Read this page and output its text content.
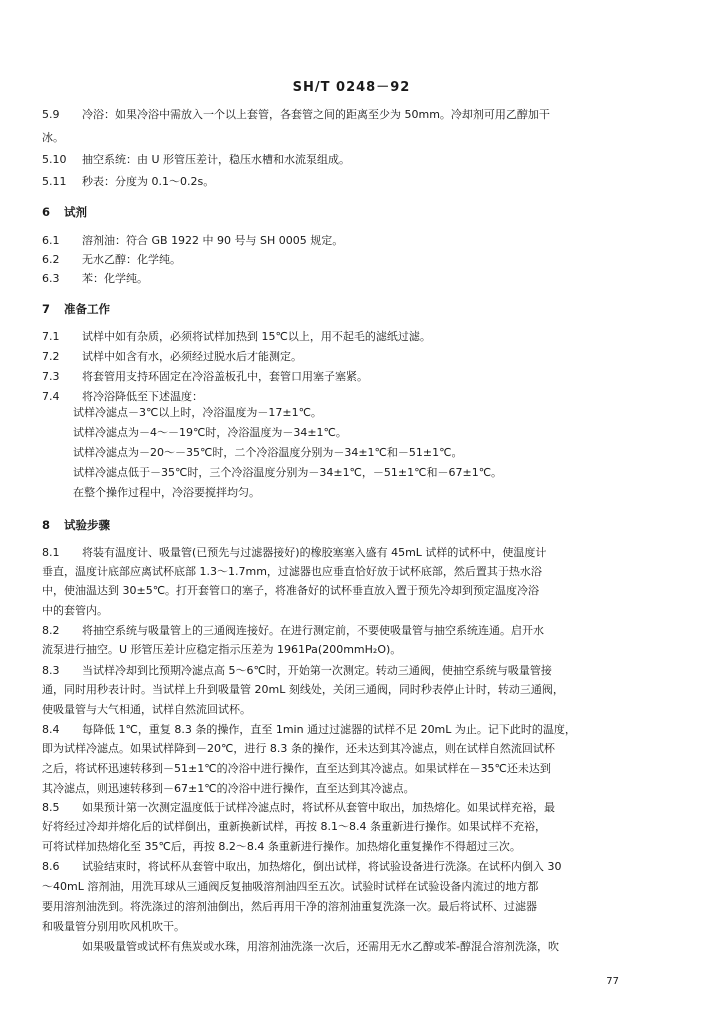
SH/T 0248－92
5.9 冷浴：如果冷浴中需放入一个以上套管，各套管之间的距离至少为 50mm。冷却剂可用乙醇加干
冰。
5.10 抽空系统：由 U 形管压差计，稳压水槽和水流泵组成。
5.11 秒表：分度为 0.1～0.2s。
6 试剂
6.1 溶剂油：符合 GB 1922 中 90 号与 SH 0005 规定。
6.2 无水乙醇：化学纯。
6.3 苯：化学纯。
7 准备工作
7.1 试样中如有杂质，必须将试样加热到 15℃以上，用不起毛的滤纸过滤。
7.2 试样中如含有水，必须经过脱水后才能测定。
7.3 将套管用支持环固定在冷浴盖板孔中，套管口用塞子塞紧。
7.4 将冷浴降低至下述温度：
试样冷滤点－3℃以上时，冷浴温度为－17±1℃。
试样冷滤点为－4～－19℃时，冷浴温度为－34±1℃。
试样冷滤点为－20～－35℃时，二个冷浴温度分别为－34±1℃和－51±1℃。
试样冷滤点低于－35℃时，三个冷浴温度分别为－34±1℃，－51±1℃和－67±1℃。
在整个操作过程中，冷浴要搅拌均匀。
8 试验步骤
8.1 将装有温度计、吸量管(已预先与过滤器接好)的橡胶塞塞入盛有 45mL 试样的试杯中，使温度计
垂直，温度计底部应离试杯底部 1.3～1.7mm，过滤器也应垂直恰好放于试杯底部，然后置其于热水浴
中，使油温达到 30±5℃。打开套管口的塞子，将准备好的试杯垂直放入置于预先冷却到预定温度冷浴
中的套管内。
8.2 将抽空系统与吸量管上的三通阀连接好。在进行测定前，不要使吸量管与抽空系统连通。启开水
流泵进行抽空。U 形管压差计应稳定指示压差为 1961Pa(200mmH₂O)。
8.3 当试样冷却到比预期冷滤点高 5～6℃时，开始第一次测定。转动三通阀，使抽空系统与吸量管接
通，同时用秒表计时。当试样上升到吸量管 20mL 刻线处，关闭三通阀，同时秒表停止计时，转动三通阀，
使吸量管与大气相通，试样自然流回试杯。
8.4 每降低 1℃，重复 8.3 条的操作，直至 1min 通过过滤器的试样不足 20mL 为止。记下此时的温度，
即为试样冷滤点。如果试样降到－20℃，进行 8.3 条的操作，还未达到其冷滤点，则在试样自然流回试杯
之后，将试杯迅速转移到－51±1℃的冷浴中进行操作，直至达到其冷滤点。如果试样在－35℃还未达到
其冷滤点，则迅速转移到－67±1℃的冷浴中进行操作，直至达到其冷滤点。
8.5 如果预计第一次测定温度低于试样冷滤点时，将试杯从套管中取出，加热熔化。如果试样充裕，最
好将经过冷却并熔化后的试样倒出，重新换新试样，再按 8.1～8.4 条重新进行操作。如果试样不充裕，
可将试样加热熔化至 35℃后，再按 8.2～8.4 条重新进行操作。加热熔化重复操作不得超过三次。
8.6 试验结束时，将试杯从套管中取出，加热熔化，倒出试样，将试验设备进行洗涤。在试杯内倒入 30
～40mL 溶剂油，用洗耳球从三通阀反复抽吸溶剂油四至五次。试验时试样在试验设备内流过的地方都
要用溶剂油洗到。将洗涤过的溶剂油倒出，然后再用干净的溶剂油重复洗涤一次。最后将试杯、过滤器
和吸量管分别用吹风机吹干。
如果吸量管或试杯有焦炭或水珠，用溶剂油洗涤一次后，还需用无水乙醇或苯-醇混合溶剂洗涤，吹
77
